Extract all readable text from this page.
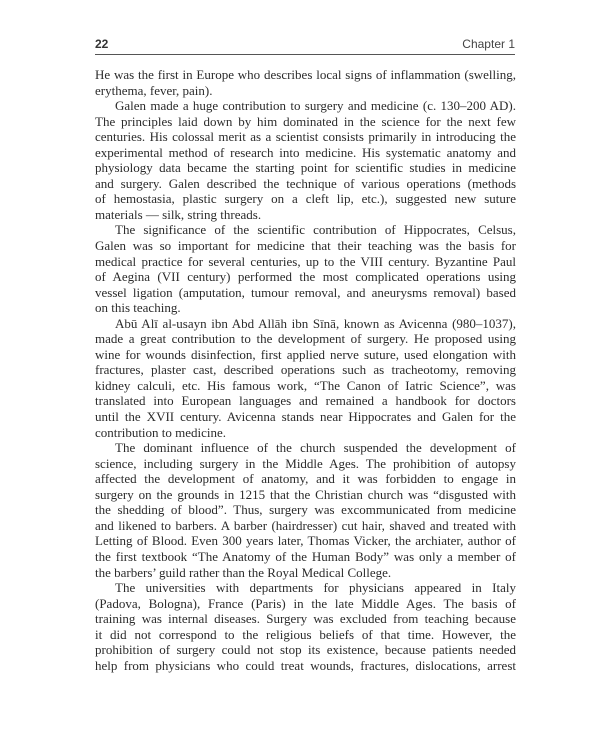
22	Chapter 1
He was the first in Europe who describes local signs of inflammation (swelling,
erythema, fever, pain).
Galen made a huge contribution to surgery and medicine (c. 130–200 AD).
The principles laid down by him dominated in the science for the next few
centuries. His colossal merit as a scientist consists primarily in introducing the
experimental method of research into medicine. His systematic anatomy and
physiology data became the starting point for scientific studies in medicine
and surgery. Galen described the technique of various operations (methods
of hemostasia, plastic surgery on a cleft lip, etc.), suggested new suture
materials — silk, string threads.
The significance of the scientific contribution of Hippocrates, Celsus,
Galen was so important for medicine that their teaching was the basis for
medical practice for several centuries, up to the VIII century. Byzantine Paul
of Aegina (VII century) performed the most complicated operations using
vessel ligation (amputation, tumour removal, and aneurysms removal) based
on this teaching.
Abū Alī al-usayn ibn Abd Allāh ibn Sīnā, known as Avicenna (980–1037),
made a great contribution to the development of surgery. He proposed using
wine for wounds disinfection, first applied nerve suture, used elongation with
fractures, plaster cast, described operations such as tracheotomy, removing
kidney calculi, etc. His famous work, “The Canon of Iatric Science”, was
translated into European languages and remained a handbook for doctors
until the XVII century. Avicenna stands near Hippocrates and Galen for the
contribution to medicine.
The dominant influence of the church suspended the development of
science, including surgery in the Middle Ages. The prohibition of autopsy
affected the development of anatomy, and it was forbidden to engage in
surgery on the grounds in 1215 that the Christian church was “disgusted with
the shedding of blood”. Thus, surgery was excommunicated from medicine
and likened to barbers. A barber (hairdresser) cut hair, shaved and treated with
Letting of Blood. Even 300 years later, Thomas Vicker, the archiater, author of
the first textbook “The Anatomy of the Human Body” was only a member of
the barbers’ guild rather than the Royal Medical College.
The universities with departments for physicians appeared in Italy
(Padova, Bologna), France (Paris) in the late Middle Ages. The basis of
training was internal diseases. Surgery was excluded from teaching because
it did not correspond to the religious beliefs of that time. However, the
prohibition of surgery could not stop its existence, because patients needed
help from physicians who could treat wounds, fractures, dislocations, arrest
